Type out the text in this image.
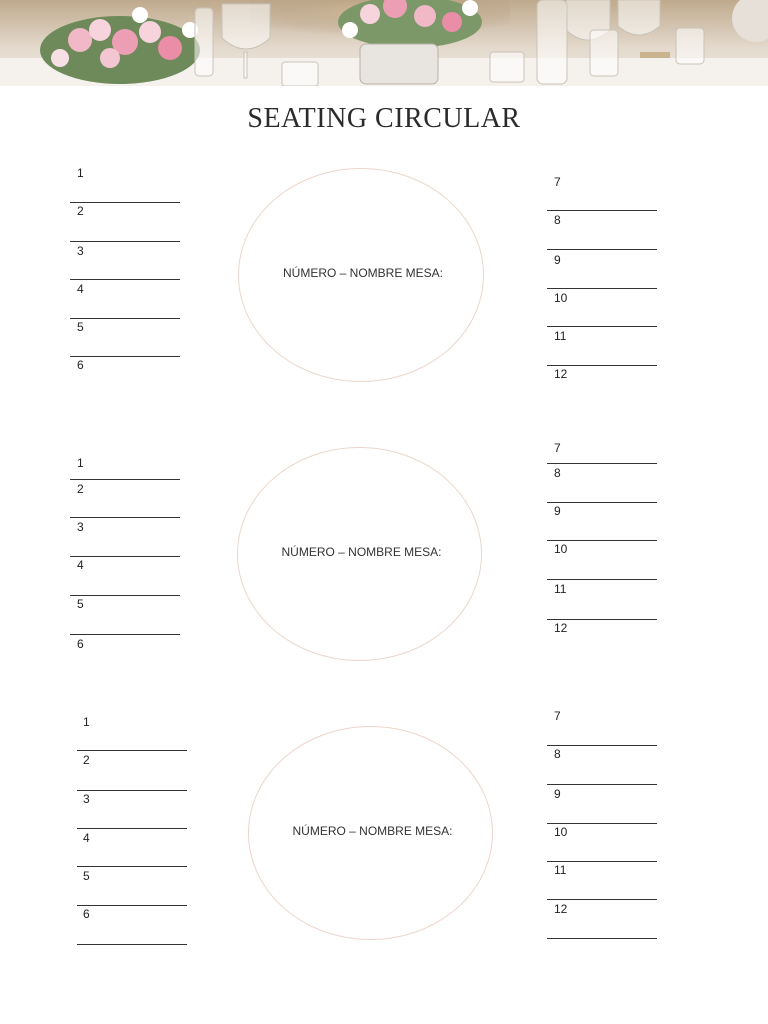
SEATING CIRCULAR
NÚMERO – NOMBRE MESA:
1
2
3
4
5
6
7
8
9
10
11
12
NÚMERO – NOMBRE MESA:
1
2
3
4
5
6
7
8
9
10
11
12
NÚMERO – NOMBRE MESA:
1
2
3
4
5
6
7
8
9
10
11
12
